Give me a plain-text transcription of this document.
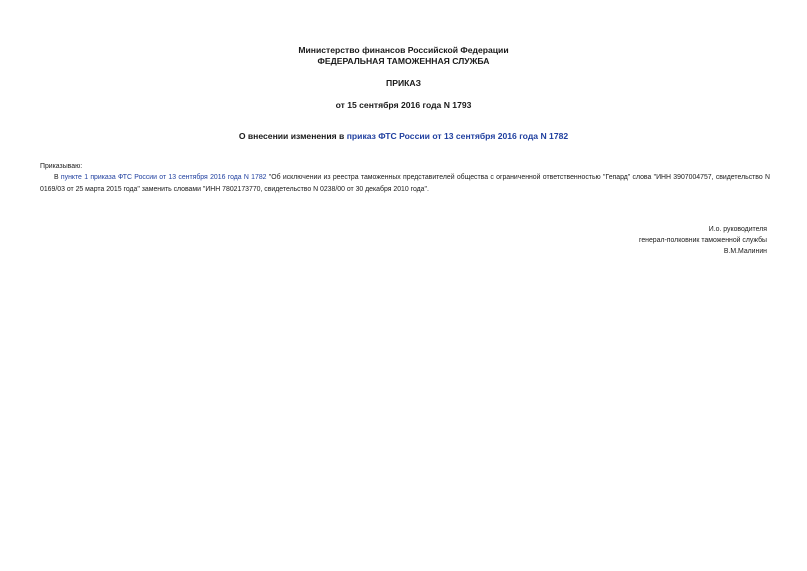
Министерство финансов Российской Федерации
ФЕДЕРАЛЬНАЯ ТАМОЖЕННАЯ СЛУЖБА
ПРИКАЗ
от 15 сентября 2016 года N 1793
О внесении изменения в приказ ФТС России от 13 сентября 2016 года N 1782
Приказываю:
В пункте 1 приказа ФТС России от 13 сентября 2016 года N 1782 "Об исключении из реестра таможенных представителей общества с ограниченной ответственностью "Гепард" слова "ИНН 3907004757, свидетельство N 0169/03 от 25 марта 2015 года" заменить словами "ИНН 7802173770, свидетельство N 0238/00 от 30 декабря 2010 года".
И.о. руководителя
генерал-полковник таможенной службы
В.М.Малинин
